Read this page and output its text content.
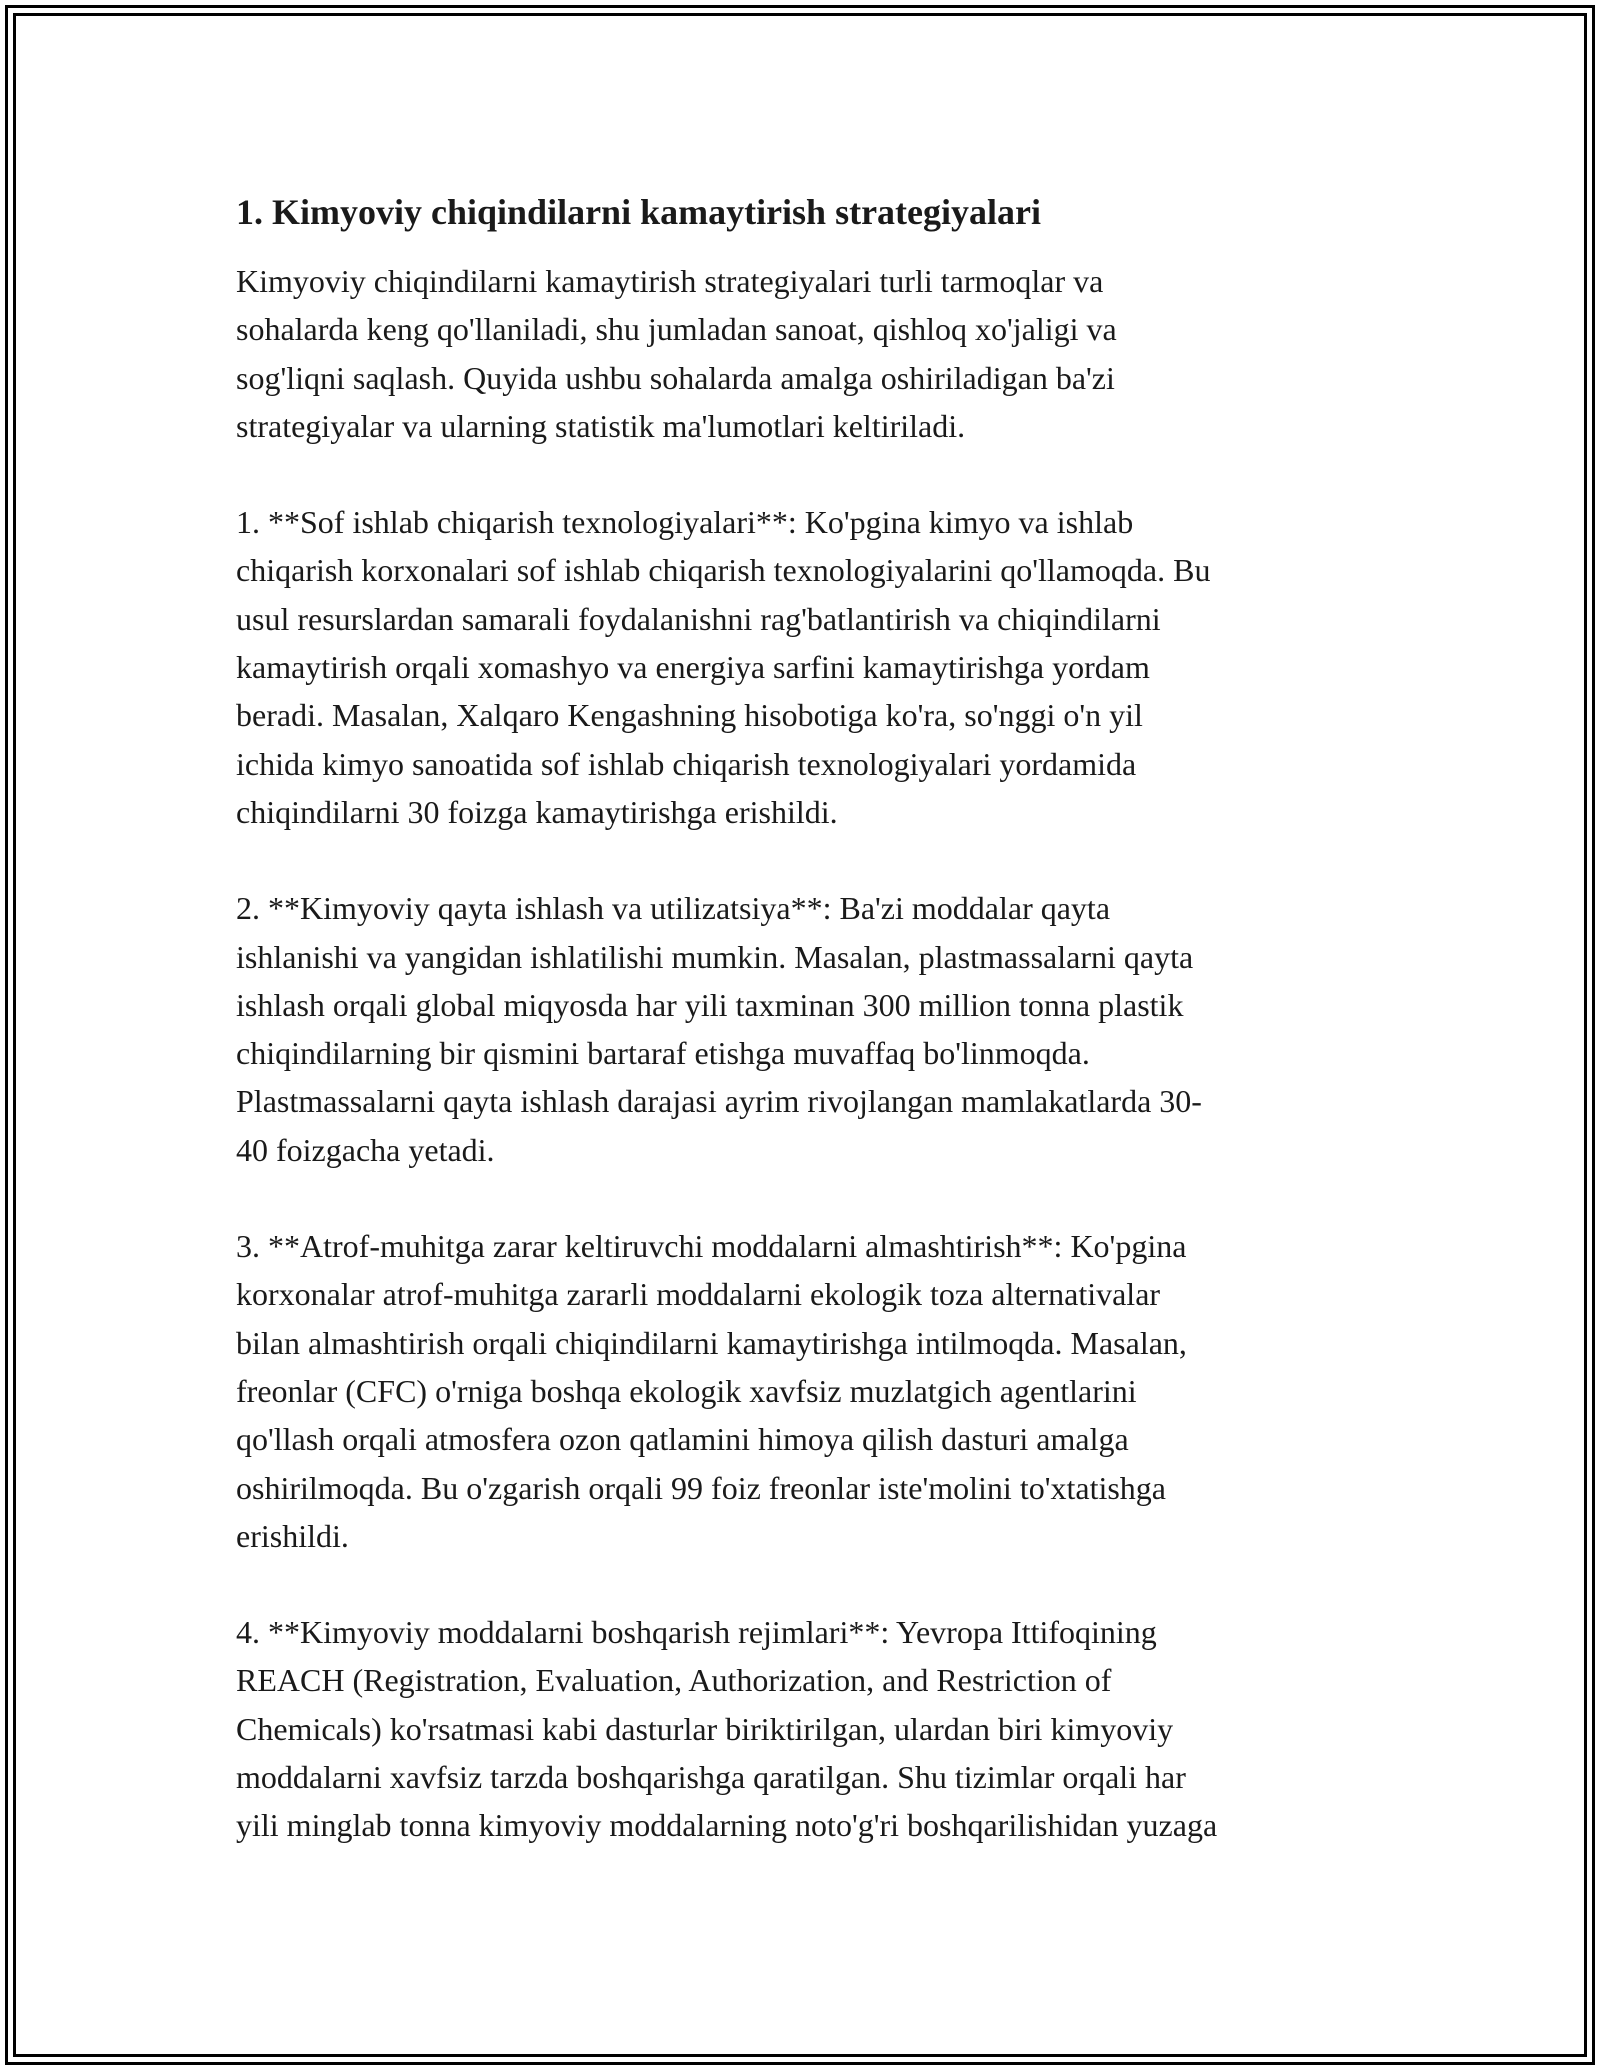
1. Kimyoviy chiqindilarni kamaytirish strategiyalari

Kimyoviy chiqindilarni kamaytirish strategiyalari turli tarmoqlar va
sohalarda keng qo'llaniladi, shu jumladan sanoat, qishloq xo'jaligi va
sog'liqni saqlash. Quyida ushbu sohalarda amalga oshiriladigan ba'zi
strategiyalar va ularning statistik ma'lumotlari keltiriladi.

1. **Sof ishlab chiqarish texnologiyalari**: Ko'pgina kimyo va ishlab
chiqarish korxonalari sof ishlab chiqarish texnologiyalarini qo'llamoqda. Bu
usul resurslardan samarali foydalanishni rag'batlantirish va chiqindilarni
kamaytirish orqali xomashyo va energiya sarfini kamaytirishga yordam
beradi. Masalan, Xalqaro Kengashning hisobotiga ko'ra, so'nggi o'n yil
ichida kimyo sanoatida sof ishlab chiqarish texnologiyalari yordamida
chiqindilarni 30 foizga kamaytirishga erishildi.

2. **Kimyoviy qayta ishlash va utilizatsiya**: Ba'zi moddalar qayta
ishlanishi va yangidan ishlatilishi mumkin. Masalan, plastmassalarni qayta
ishlash orqali global miqyosda har yili taxminan 300 million tonna plastik
chiqindilarning bir qismini bartaraf etishga muvaffaq bo'linmoqda.
Plastmassalarni qayta ishlash darajasi ayrim rivojlangan mamlakatlarda 30-
40 foizgacha yetadi.

3. **Atrof-muhitga zarar keltiruvchi moddalarni almashtirish**: Ko'pgina
korxonalar atrof-muhitga zararli moddalarni ekologik toza alternativalar
bilan almashtirish orqali chiqindilarni kamaytirishga intilmoqda. Masalan,
freonlar (CFC) o'rniga boshqa ekologik xavfsiz muzlatgich agentlarini
qo'llash orqali atmosfera ozon qatlamini himoya qilish dasturi amalga
oshirilmoqda. Bu o'zgarish orqali 99 foiz freonlar iste'molini to'xtatishga
erishildi.

4. **Kimyoviy moddalarni boshqarish rejimlari**: Yevropa Ittifoqining
REACH (Registration, Evaluation, Authorization, and Restriction of
Chemicals) ko'rsatmasi kabi dasturlar biriktirilgan, ulardan biri kimyoviy
moddalarni xavfsiz tarzda boshqarishga qaratilgan. Shu tizimlar orqali har
yili minglab tonna kimyoviy moddalarning noto'g'ri boshqarilishidan yuzaga
